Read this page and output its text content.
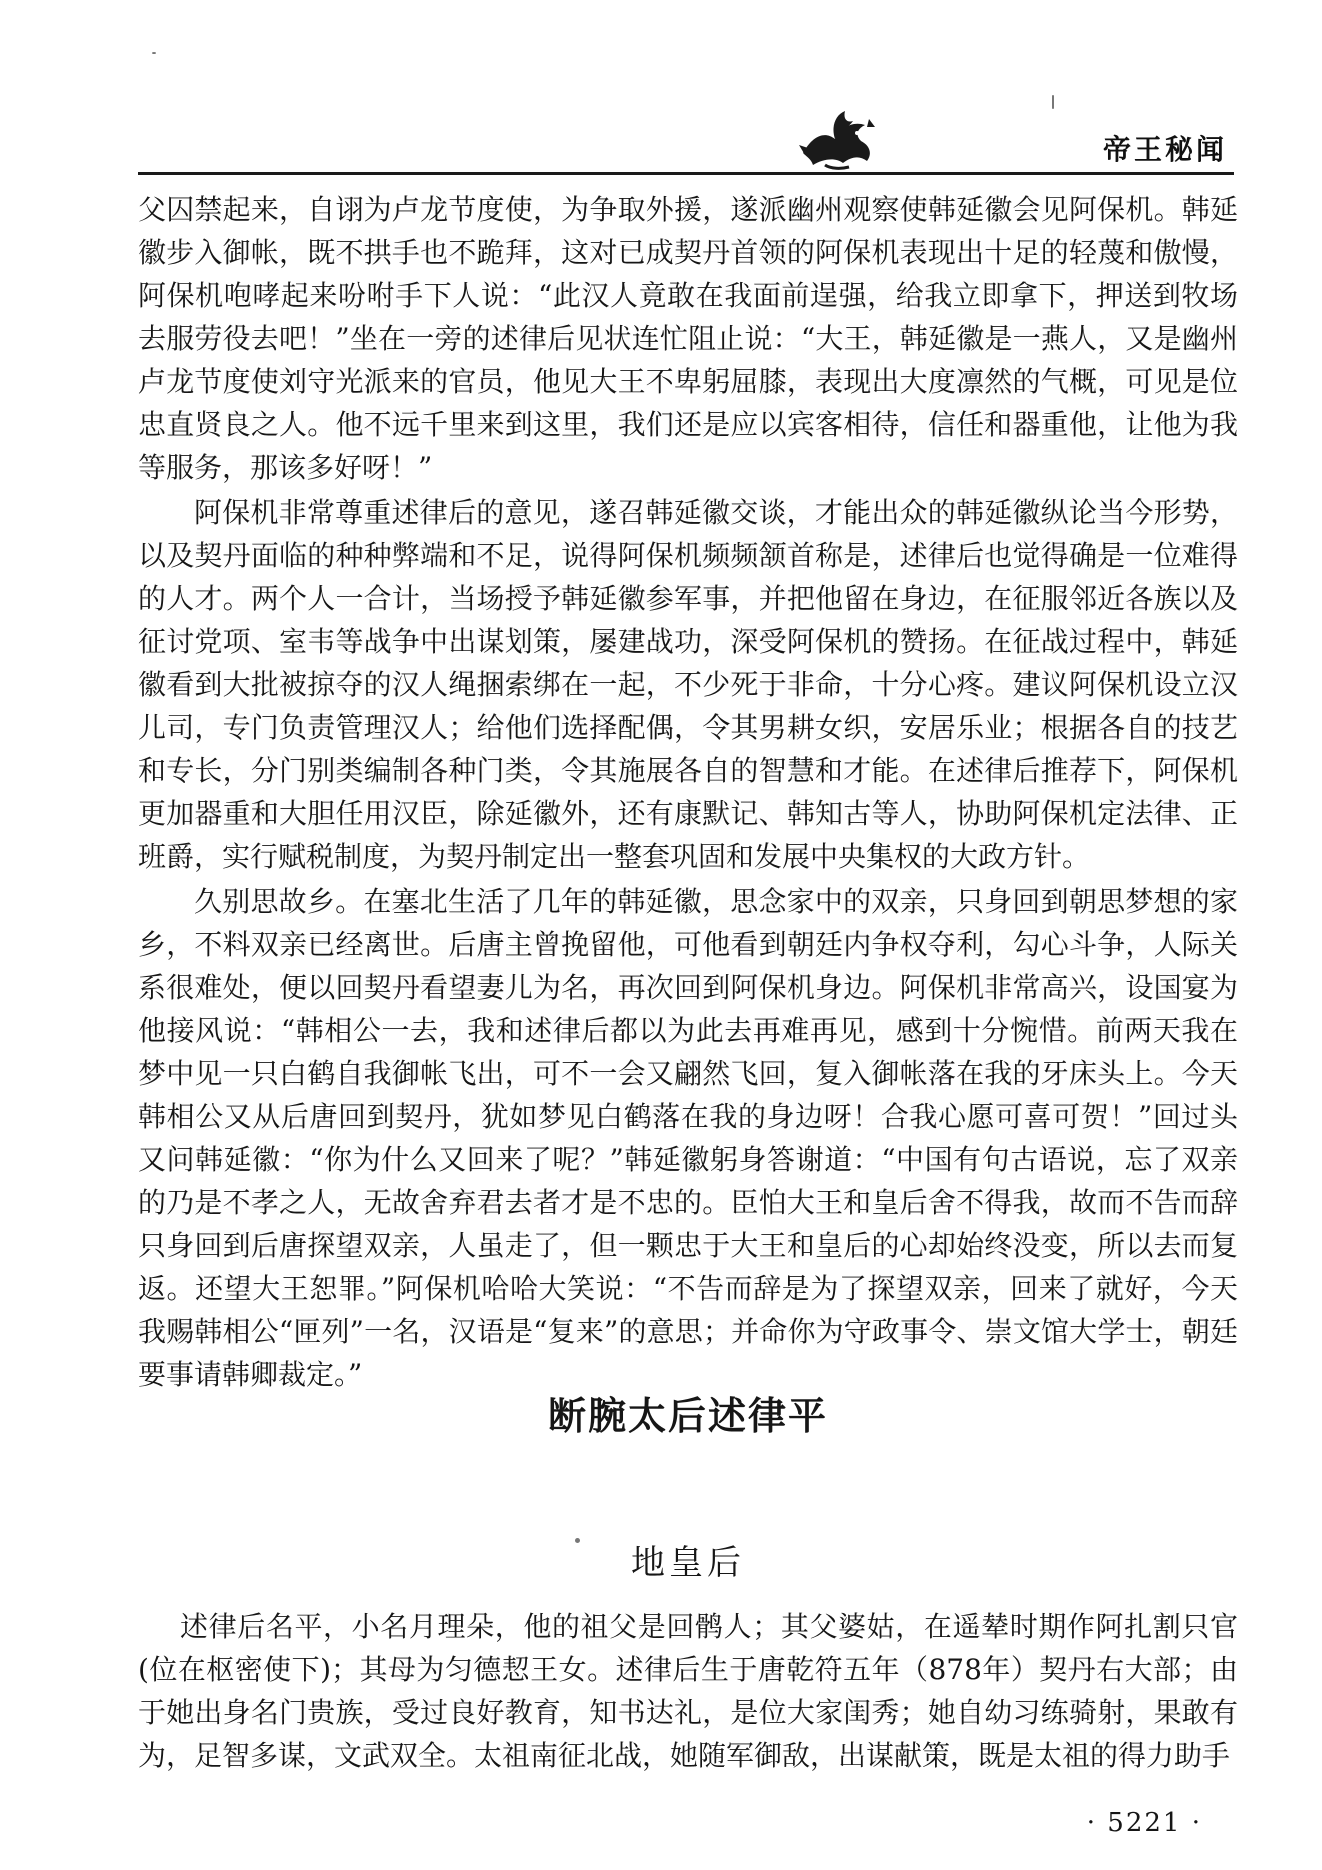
帝王秘闻

父囚禁起来，自诩为卢龙节度使，为争取外援，遂派幽州观察使韩延徽会见阿保机。韩延徽步入御帐，既不拱手也不跪拜，这对已成契丹首领的阿保机表现出十足的轻蔑和傲慢，阿保机咆哮起来吩咐手下人说：“此汉人竟敢在我面前逞强，给我立即拿下，押送到牧场去服劳役去吧！”坐在一旁的述律后见状连忙阻止说：“大王，韩延徽是一燕人，又是幽州卢龙节度使刘守光派来的官员，他见大王不卑躬屈膝，表现出大度凛然的气概，可见是位忠直贤良之人。他不远千里来到这里，我们还是应以宾客相待，信任和器重他，让他为我等服务，那该多好呀！”

阿保机非常尊重述律后的意见，遂召韩延徽交谈，才能出众的韩延徽纵论当今形势，以及契丹面临的种种弊端和不足，说得阿保机频频颔首称是，述律后也觉得确是一位难得的人才。两个人一合计，当场授予韩延徽参军事，并把他留在身边，在征服邻近各族以及征讨党项、室韦等战争中出谋划策，屡建战功，深受阿保机的赞扬。在征战过程中，韩延徽看到大批被掠夺的汉人绳捆索绑在一起，不少死于非命，十分心疼。建议阿保机设立汉儿司，专门负责管理汉人；给他们选择配偶，令其男耕女织，安居乐业；根据各自的技艺和专长，分门别类编制各种门类，令其施展各自的智慧和才能。在述律后推荐下，阿保机更加器重和大胆任用汉臣，除延徽外，还有康默记、韩知古等人，协助阿保机定法律、正班爵，实行赋税制度，为契丹制定出一整套巩固和发展中央集权的大政方针。

久别思故乡。在塞北生活了几年的韩延徽，思念家中的双亲，只身回到朝思梦想的家乡，不料双亲已经离世。后唐主曾挽留他，可他看到朝廷内争权夺利，勾心斗争，人际关系很难处，便以回契丹看望妻儿为名，再次回到阿保机身边。阿保机非常高兴，设国宴为他接风说：“韩相公一去，我和述律后都以为此去再难再见，感到十分惋惜。前两天我在梦中见一只白鹤自我御帐飞出，可不一会又翩然飞回，复入御帐落在我的牙床头上。今天韩相公又从后唐回到契丹，犹如梦见白鹤落在我的身边呀！合我心愿可喜可贺！”回过头又问韩延徽：“你为什么又回来了呢？”韩延徽躬身答谢道：“中国有句古语说，忘了双亲的乃是不孝之人，无故舍弃君去者才是不忠的。臣怕大王和皇后舍不得我，故而不告而辞只身回到后唐探望双亲，人虽走了，但一颗忠于大王和皇后的心却始终没变，所以去而复返。还望大王恕罪。”阿保机哈哈大笑说：“不告而辞是为了探望双亲，回来了就好，今天我赐韩相公“匣列”一名，汉语是“复来”的意思；并命你为守政事令、崇文馆大学士，朝廷要事请韩卿裁定。”

断腕太后述律平
地皇后

述律后名平，小名月理朵，他的祖父是回鹘人；其父婆姑，在遥辇时期作阿扎割只官(位在枢密使下)；其母为匀德恝王女。述律后生于唐乾符五年（878年）契丹右大部；由于她出身名门贵族，受过良好教育，知书达礼，是位大家闺秀；她自幼习练骑射，果敢有为，足智多谋，文武双全。太祖南征北战，她随军御敌，出谋献策，既是太祖的得力助手

· 5221 ·
